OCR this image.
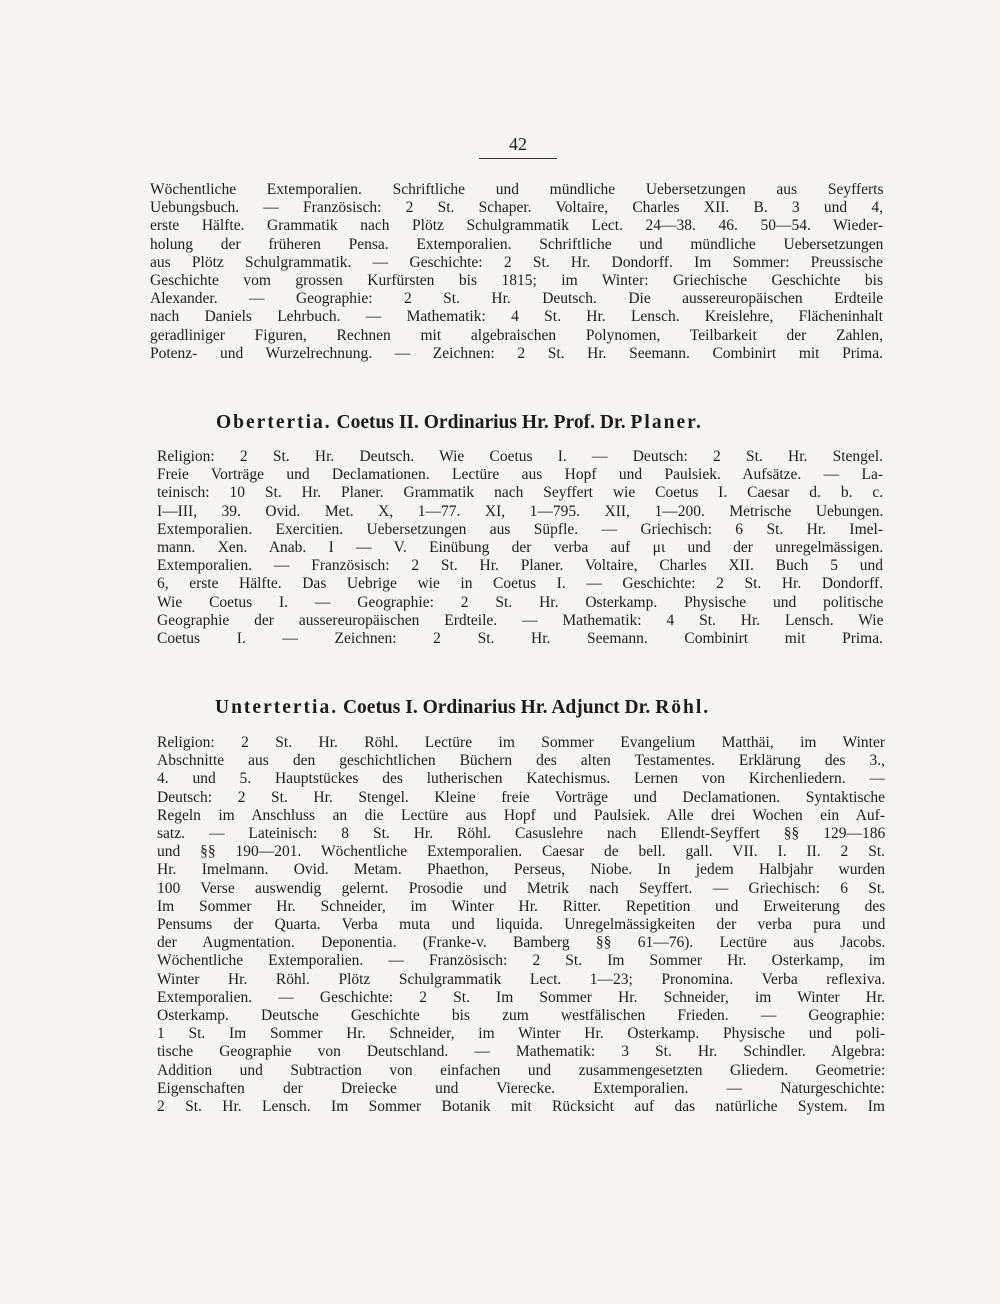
42
Wöchentliche Extemporalien. Schriftliche und mündliche Uebersetzungen aus Seyfferts
Uebungsbuch. — Französisch: 2 St. Schaper. Voltaire, Charles XII. B. 3 und 4,
erste Hälfte. Grammatik nach Plötz Schulgrammatik Lect. 24—38. 46. 50—54. Wieder-
holung der früheren Pensa. Extemporalien. Schriftliche und mündliche Uebersetzungen
aus Plötz Schulgrammatik. — Geschichte: 2 St. Hr. Dondorff. Im Sommer: Preussische
Geschichte vom grossen Kurfürsten bis 1815; im Winter: Griechische Geschichte bis
Alexander. — Geographie: 2 St. Hr. Deutsch. Die aussereuropäischen Erdteile
nach Daniels Lehrbuch. — Mathematik: 4 St. Hr. Lensch. Kreislehre, Flächeninhalt
geradliniger Figuren, Rechnen mit algebraischen Polynomen, Teilbarkeit der Zahlen,
Potenz- und Wurzelrechnung. — Zeichnen: 2 St. Hr. Seemann. Combinirt mit Prima.
Obertertia. Coetus II. Ordinarius Hr. Prof. Dr. Planer.
Religion: 2 St. Hr. Deutsch. Wie Coetus I. — Deutsch: 2 St. Hr. Stengel.
Freie Vorträge und Declamationen. Lectüre aus Hopf und Paulsiek. Aufsätze. — La-
teinisch: 10 St. Hr. Planer. Grammatik nach Seyffert wie Coetus I. Caesar d. b. c.
I—III, 39. Ovid. Met. X, 1—77. XI, 1—795. XII, 1—200. Metrische Uebungen.
Extemporalien. Exercitien. Uebersetzungen aus Süpfle. — Griechisch: 6 St. Hr. Imel-
mann. Xen. Anab. I — V. Einübung der verba auf μι und der unregelmässigen.
Extemporalien. — Französisch: 2 St. Hr. Planer. Voltaire, Charles XII. Buch 5 und
6, erste Hälfte. Das Uebrige wie in Coetus I. — Geschichte: 2 St. Hr. Dondorff.
Wie Coetus I. — Geographie: 2 St. Hr. Osterkamp. Physische und politische
Geographie der aussereuropäischen Erdteile. — Mathematik: 4 St. Hr. Lensch. Wie
Coetus I. — Zeichnen: 2 St. Hr. Seemann. Combinirt mit Prima.
Untertertia. Coetus I. Ordinarius Hr. Adjunct Dr. Röhl.
Religion: 2 St. Hr. Röhl. Lectüre im Sommer Evangelium Matthäi, im Winter
Abschnitte aus den geschichtlichen Büchern des alten Testamentes. Erklärung des 3.,
4. und 5. Hauptstückes des lutherischen Katechismus. Lernen von Kirchenliedern. —
Deutsch: 2 St. Hr. Stengel. Kleine freie Vorträge und Declamationen. Syntaktische
Regeln im Anschluss an die Lectüre aus Hopf und Paulsiek. Alle drei Wochen ein Auf-
satz. — Lateinisch: 8 St. Hr. Röhl. Casuslehre nach Ellendt-Seyffert §§ 129—186
und §§ 190—201. Wöchentliche Extemporalien. Caesar de bell. gall. VII. I. II. 2 St.
Hr. Imelmann. Ovid. Metam. Phaethon, Perseus, Niobe. In jedem Halbjahr wurden
100 Verse auswendig gelernt. Prosodie und Metrik nach Seyffert. — Griechisch: 6 St.
Im Sommer Hr. Schneider, im Winter Hr. Ritter. Repetition und Erweiterung des
Pensums der Quarta. Verba muta und liquida. Unregelmässigkeiten der verba pura und
der Augmentation. Deponentia. (Franke-v. Bamberg §§ 61—76). Lectüre aus Jacobs.
Wöchentliche Extemporalien. — Französisch: 2 St. Im Sommer Hr. Osterkamp, im
Winter Hr. Röhl. Plötz Schulgrammatik Lect. 1—23; Pronomina. Verba reflexiva.
Extemporalien. — Geschichte: 2 St. Im Sommer Hr. Schneider, im Winter Hr.
Osterkamp. Deutsche Geschichte bis zum westfälischen Frieden. — Geographie:
1 St. Im Sommer Hr. Schneider, im Winter Hr. Osterkamp. Physische und poli-
tische Geographie von Deutschland. — Mathematik: 3 St. Hr. Schindler. Algebra:
Addition und Subtraction von einfachen und zusammengesetzten Gliedern. Geometrie:
Eigenschaften der Dreiecke und Vierecke. Extemporalien. — Naturgeschichte:
2 St. Hr. Lensch. Im Sommer Botanik mit Rücksicht auf das natürliche System. Im
